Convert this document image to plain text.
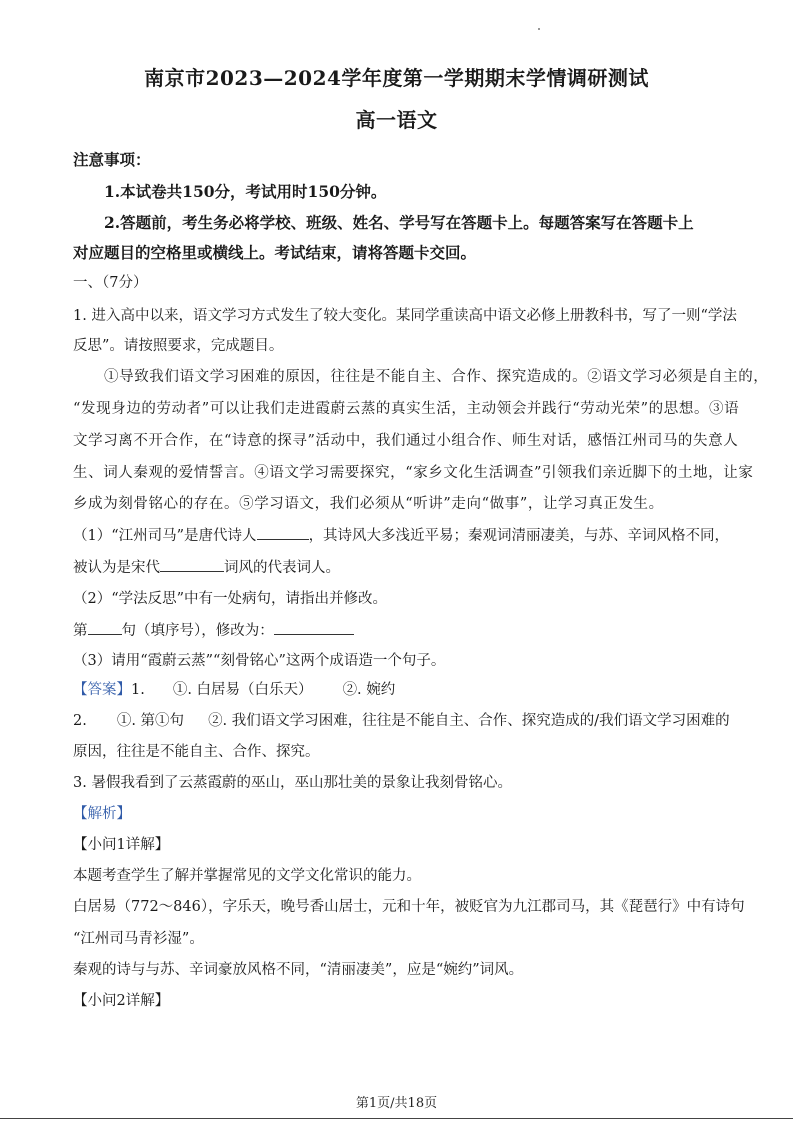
南京市2023—2024学年度第一学期期末学情调研测试
高一语文
注意事项：
1.本试卷共150分，考试用时150分钟。
2.答题前，考生务必将学校、班级、姓名、学号写在答题卡上。每题答案写在答题卡上
对应题目的空格里或横线上。考试结束，请将答题卡交回。
一、（7分）
1. 进入高中以来，语文学习方式发生了较大变化。某同学重读高中语文必修上册教科书，写了一则“学法
反思”。请按照要求，完成题目。
①导致我们语文学习困难的原因，往往是不能自主、合作、探究造成的。②语文学习必须是自主的，
“发现身边的劳动者”可以让我们走进霞蔚云蒸的真实生活，主动领会并践行“劳动光荣”的思想。③语
文学习离不开合作，在“诗意的探寻”活动中，我们通过小组合作、师生对话，感悟江州司马的失意人
生、词人秦观的爱情誓言。④语文学习需要探究，“家乡文化生活调查”引领我们亲近脚下的土地，让家
乡成为刻骨铭心的存在。⑤学习语文，我们必须从“听讲”走向“做事”，让学习真正发生。
（1）“江州司马”是唐代诗人	，其诗风大多浅近平易；秦观词清丽凄美，与苏、辛词风格不同，
被认为是宋代	词风的代表词人。
（2）“学法反思”中有一处病句，请指出并修改。
第 句（填序号），修改为：
（3）请用“霞蔚云蒸”“刻骨铭心”这两个成语造一个句子。
【答案】1. ①. 白居易（白乐天） ②. 婉约
2. ①. 第①句 ②. 我们语文学习困难，往往是不能自主、合作、探究造成的/我们语文学习困难的
原因，往往是不能自主、合作、探究。
3. 暑假我看到了云蒸霞蔚的巫山，巫山那壮美的景象让我刻骨铭心。
【解析】
【小问1详解】
本题考查学生了解并掌握常见的文学文化常识的能力。
白居易（772～846），字乐天，晚号香山居士，元和十年，被贬官为九江郡司马，其《琵琶行》中有诗句
“江州司马青衫湿”。
秦观的诗与与苏、辛词豪放风格不同，“清丽凄美”，应是“婉约”词风。
【小问2详解】
第1页/共18页
